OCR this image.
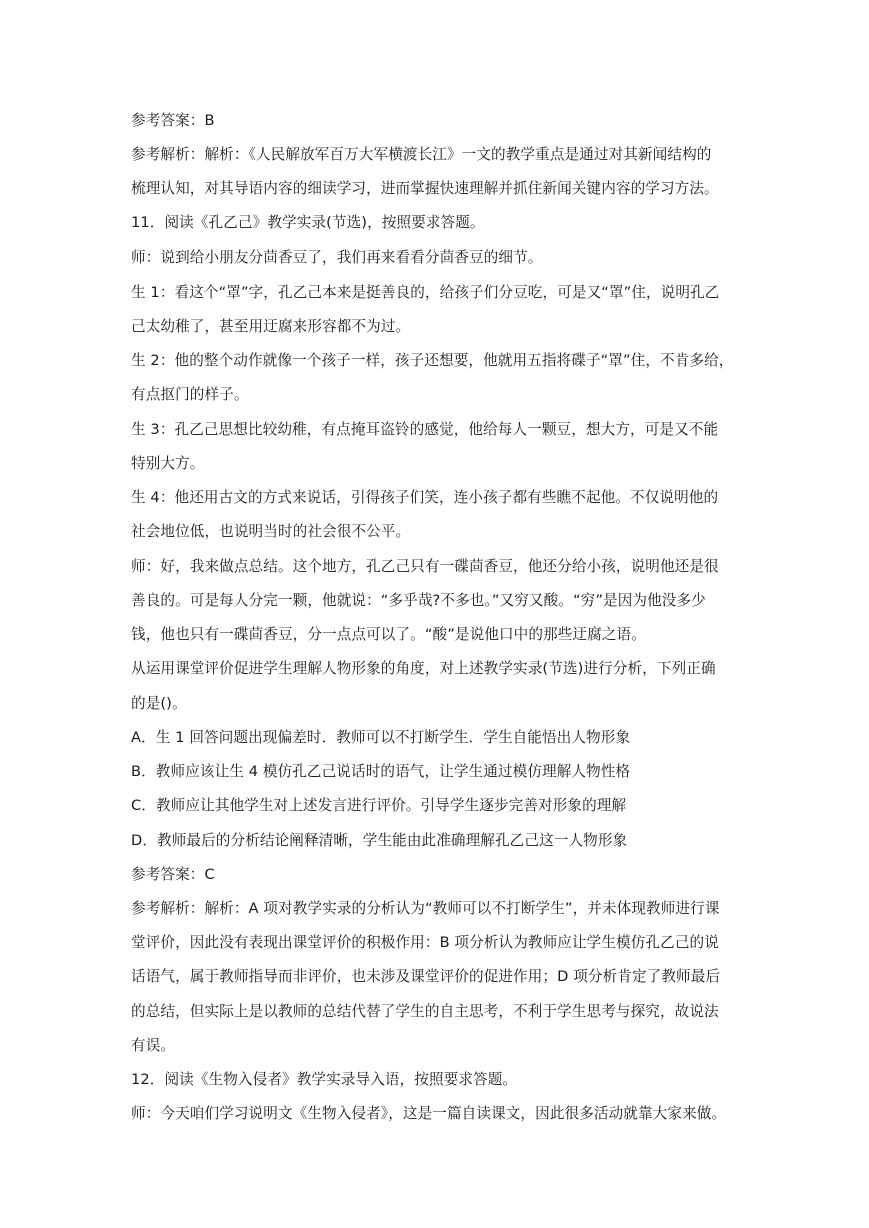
参考答案：B
参考解析：解析：《人民解放军百万大军横渡长江》一文的教学重点是通过对其新闻结构的
梳理认知，对其导语内容的细读学习，进而掌握快速理解并抓住新闻关键内容的学习方法。
11．阅读《孔乙己》教学实录(节选)，按照要求答题。
师：说到给小朋友分茴香豆了，我们再来看看分茴香豆的细节。
生 1：看这个“罩”字，孔乙己本来是挺善良的，给孩子们分豆吃，可是又“罩”住，说明孔乙
己太幼稚了，甚至用迂腐来形容都不为过。
生 2：他的整个动作就像一个孩子一样，孩子还想要，他就用五指将碟子“罩”住，不肯多给，
有点抠门的样子。
生 3：孔乙己思想比较幼稚，有点掩耳盗铃的感觉，他给每人一颗豆，想大方，可是又不能
特别大方。
生 4：他还用古文的方式来说话，引得孩子们笑，连小孩子都有些瞧不起他。不仅说明他的
社会地位低，也说明当时的社会很不公平。
师：好，我来做点总结。这个地方，孔乙己只有一碟茴香豆，他还分给小孩，说明他还是很
善良的。可是每人分完一颗，他就说：“多乎哉?不多也。”又穷又酸。“穷”是因为他没多少
钱，他也只有一碟茴香豆，分一点点可以了。“酸”是说他口中的那些迂腐之语。
从运用课堂评价促进学生理解人物形象的角度，对上述教学实录(节选)进行分析，下列正确
的是()。
A．生 1 回答问题出现偏差时．教师可以不打断学生．学生自能悟出人物形象
B．教师应该让生 4 模仿孔乙己说话时的语气，让学生通过模仿理解人物性格
C．教师应让其他学生对上述发言进行评价。引导学生逐步完善对形象的理解
D．教师最后的分析结论阐释清晰，学生能由此准确理解孔乙己这一人物形象
参考答案：C
参考解析：解析：A 项对教学实录的分析认为“教师可以不打断学生”，并未体现教师进行课
堂评价，因此没有表现出课堂评价的积极作用：B 项分析认为教师应让学生模仿孔乙己的说
话语气，属于教师指导而非评价，也未涉及课堂评价的促进作用；D 项分析肯定了教师最后
的总结，但实际上是以教师的总结代替了学生的自主思考，不利于学生思考与探究，故说法
有误。
12．阅读《生物入侵者》教学实录导入语，按照要求答题。
师：今天咱们学习说明文《生物入侵者》，这是一篇自读课文，因此很多活动就靠大家来做。
